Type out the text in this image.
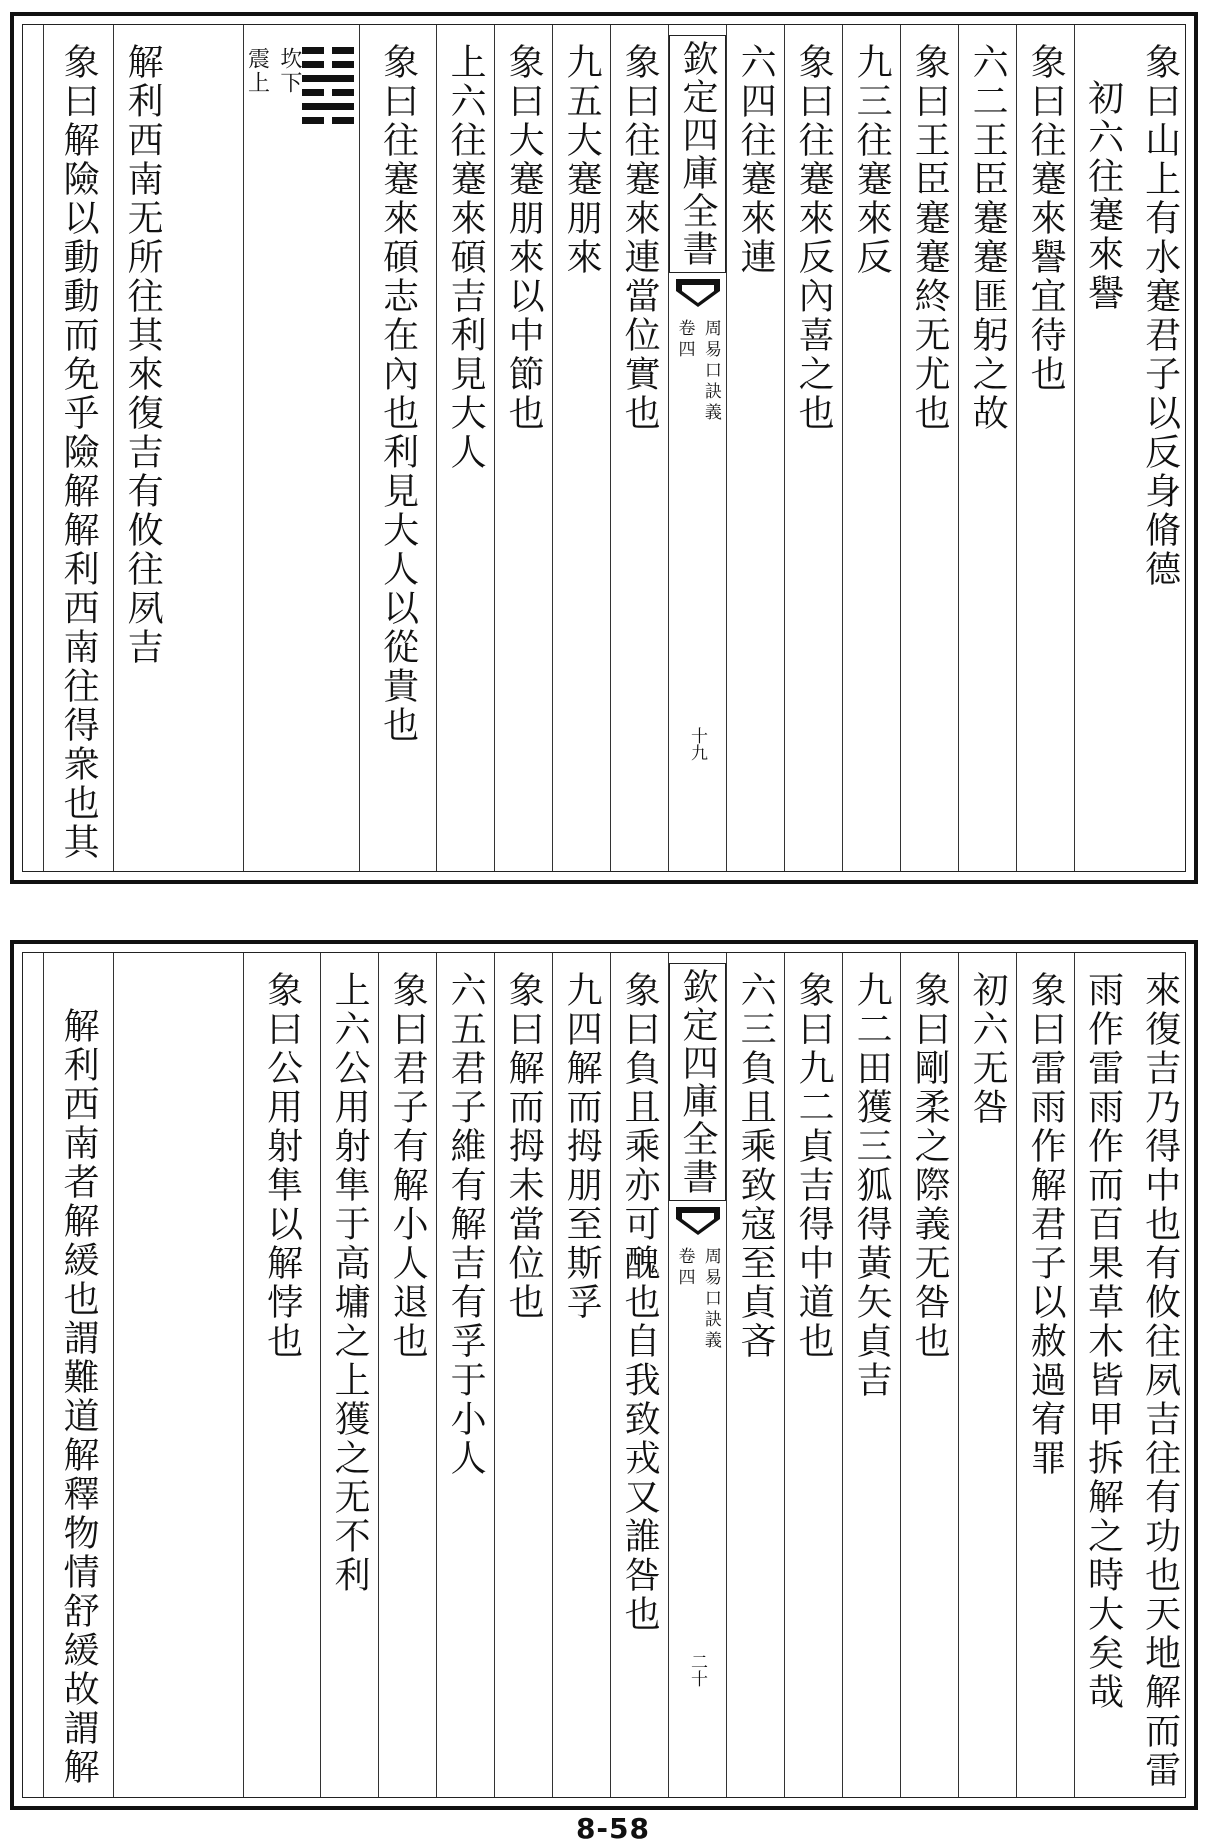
象曰山上有水蹇君子以反身脩德
初六往蹇來譽
象曰往蹇來譽宜待也
六二王臣蹇蹇匪躬之故
象曰王臣蹇蹇終无尤也
九三往蹇來反
象曰往蹇來反內喜之也
六四往蹇來連
欽定四庫全書
周易口訣義
卷四
十九
象曰往蹇來連當位實也
九五大蹇朋來
象曰大蹇朋來以中節也
上六往蹇來碩吉利見大人
象曰往蹇來碩志在內也利見大人以從貴也
坎下
震上
解利西南无所往其來復吉有攸往夙吉
象曰解險以動動而免乎險解解利西南往得衆也其
來復吉乃得中也有攸往夙吉往有功也天地解而雷
雨作雷雨作而百果草木皆甲拆解之時大矣哉
象曰雷雨作解君子以赦過宥罪
初六无咎
象曰剛柔之際義无咎也
九二田獲三狐得黃矢貞吉
象曰九二貞吉得中道也
六三負且乘致寇至貞吝
欽定四庫全書
周易口訣義
卷四
二十
象曰負且乘亦可醜也自我致戎又誰咎也
九四解而拇朋至斯孚
象曰解而拇未當位也
六五君子維有解吉有孚于小人
象曰君子有解小人退也
上六公用射隼于高墉之上獲之无不利
象曰公用射隼以解悖也
解利西南者解緩也謂難道解釋物情舒緩故謂解
8-58
